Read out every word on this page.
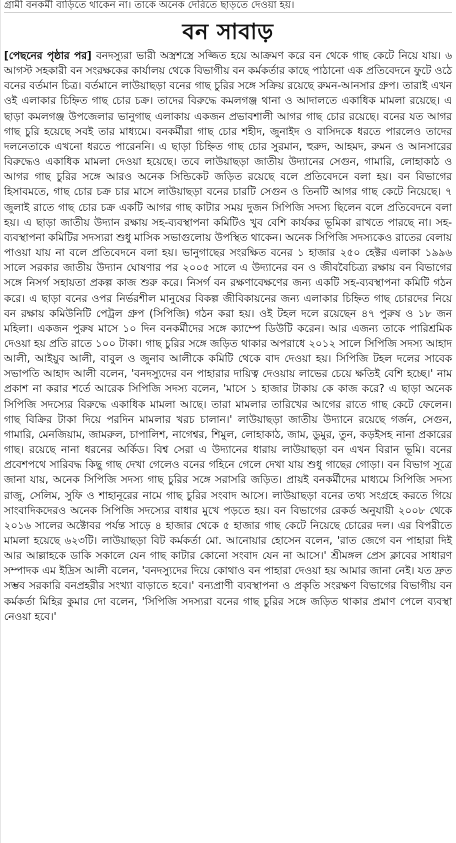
গ্রামী বনকর্মী বাড়িতে থাকেন না। তাকে অনেক দেরিতে ছাড়তে দেওয়া হয়।
বন সাবাড়

[পেছনের পৃষ্ঠার পর] বনদস্যুরা ভারী অস্ত্রশস্ত্রে সজ্জিত হয়ে আক্রমণ করে বন থেকে গাছ কেটে নিয়ে যায়। ৬ আগস্ট সহকারী বন সংরক্ষকের কার্যালয় থেকে বিভাগীয় বন কর্মকর্তার কাছে পাঠানো এক প্রতিবেদনে ফুটে ওঠে বনের বর্তমান চিত্র। বর্তমানে লাউয়াছড়া বনের গাছ চুরির সঙ্গে সক্রিয় রয়েছে রুমন-আনসার গ্রুপ। তারাই এখন ওই এলাকার চিহ্নিত গাছ চোর চক্র। তাদের বিরুদ্ধে কমলগঞ্জ থানা ও আদালতে একাধিক মামলা রয়েছে। এ ছাড়া কমলগঞ্জ উপজেলার ভানুগাছ এলাকায় একজন প্রভাবশালী আগর গাছ চোর রয়েছে। বনের যত আগর গাছ চুরি হয়েছে সবই তার মাধ্যমে। বনকর্মীরা গাছ চোর শহীদ, জুনাইদ ও বাসিদকে ধরতে পারলেও তাদের দলনেতাকে এখনো ধরতে পারেননি। এ ছাড়া চিহ্নিত গাছ চোর সুরমান, হুরুদ, আহমদ, রুমন ও আনসারের বিরুদ্ধেও একাধিক মামলা দেওয়া হয়েছে। তবে লাউয়াছড়া জাতীয় উদ্যানের সেগুন, গামারি, লোহাকাঠ ও আগর গাছ চুরির সঙ্গে আরও অনেক সিন্ডিকেট জড়িত রয়েছে বলে প্রতিবেদনে বলা হয়। বন বিভাগের হিসাবমতে, গাছ চোর চক্র চার মাসে লাউয়াছড়া বনের চারটি সেগুন ও তিনটি আগর গাছ কেটে নিয়েছে। ৭ জুলাই রাতে গাছ চোর চক্র একটি আগর গাছ কাটার সময় দুজন সিপিজি সদস্য ছিলেন বলে প্রতিবেদনে বলা হয়। এ ছাড়া জাতীয় উদ্যান রক্ষায় সহ-ব্যবস্থাপনা কমিটিও খুব বেশি কার্যকর ভূমিকা রাখতে পারছে না। সহ-ব্যবস্থাপনা কমিটির সদস্যরা শুধু মাসিক সভাগুলোয় উপস্থিত থাকেন। অনেক সিপিজি সদস্যকেও রাতের বেলায় পাওয়া যায় না বলে প্রতিবেদনে বলা হয়। ভানুগাছের সংরক্ষিত বনের ১ হাজার ২৫০ হেক্টর এলাকা ১৯৯৬ সালে সরকার জাতীয় উদ্যান ঘোষণার পর ২০০৫ সালে এ উদ্যানের বন ও জীববৈচিত্র্য রক্ষায় বন বিভাগের সঙ্গে নিসর্গ সহায়তা প্রকল্প কাজ শুরু করে। নিসর্গ বন রক্ষণাবেক্ষণের জন্য একটি সহ-ব্যবস্থাপনা কমিটি গঠন করে। এ ছাড়া বনের ওপর নির্ভরশীল মানুষের বিকল্প জীবিকায়নের জন্য এলাকার চিহ্নিত গাছ চোরদের নিয়ে বন রক্ষায় কমিউনিটি পেট্রল গ্রুপ (সিপিজি) গঠন করা হয়। ওই টহল দলে রয়েছেন ৪৭ পুরুষ ও ১৮ জন মহিলা। একজন পুরুষ মাসে ১০ দিন বনকর্মীদের সঙ্গে ক্যাম্পে ডিউটি করেন। আর এজন্য তাকে পারিশ্রমিক দেওয়া হয় প্রতি রাতে ১০০ টাকা। গাছ চুরির সঙ্গে জড়িত থাকার অপরাধে ২০১২ সালে সিপিজি সদস্য আহাদ আলী, আইয়ুব আলী, বাবুল ও জুনাব আলীকে কমিটি থেকে বাদ দেওয়া হয়। সিপিজি টহল দলের সাবেক সভাপতি আহাদ আলী বলেন, 'বনদস্যুদের বন পাহারার দায়িত্ব দেওয়ায় লাভের চেয়ে ক্ষতিই বেশি হচ্ছে।' নাম প্রকাশ না করার শর্তে আরেক সিপিজি সদস্য বলেন, 'মাসে ১ হাজার টাকায় কে কাজ করে? এ ছাড়া অনেক সিপিজি সদস্যের বিরুদ্ধে একাধিক মামলা আছে। তারা মামলার তারিখের আগের রাতে গাছ কেটে ফেলেন। গাছ বিক্রির টাকা দিয়ে পরদিন মামলার খরচ চালান।' লাউয়াছড়া জাতীয় উদ্যানে রয়েছে গর্জন, সেগুন, গামারি, মেনজিয়াম, জামরুল, চাপালিশ, নাগেশ্বর, শিমুল, লোহাকাঠ, জাম, ডুমুর, তুন, কড়ইসহ নানা প্রকারের গাছ। রয়েছে নানা ধরনের অর্কিড। বিশ্ব সেরা এ উদ্যানের ধারায় লাউয়াছড়া বন এখন বিরান ভূমি। বনের প্রবেশপথে সারিবদ্ধ কিছু গাছ দেখা গেলেও বনের গহিনে গেলে দেখা যায় শুধু গাছের গোড়া। বন বিভাগ সূত্রে জানা যায়, অনেক সিপিজি সদস্য গাছ চুরির সঙ্গে সরাসরি জড়িত। প্রায়ই বনকর্মীদের মাধ্যমে সিপিজি সদস্য রাজু, সেলিম, সুফি ও শাহানূরের নামে গাছ চুরির সংবাদ আসে। লাউয়াছড়া বনের তথ্য সংগ্রহে করতে গিয়ে সাংবাদিকদেরও অনেক সিপিজি সদস্যের বাধার মুখে পড়তে হয়। বন বিভাগের রেকর্ড অনুযায়ী ২০০৮ থেকে ২০১৬ সালের অক্টোবর পর্যন্ত সাড়ে ৪ হাজার থেকে ৫ হাজার গাছ কেটে নিয়েছে চোরের দল। এর বিপরীতে মামলা হয়েছে ৬২৩টি। লাউয়াছড়া বিট কর্মকর্তা মো. আনোয়ার হোসেন বলেন, 'রাত জেগে বন পাহারা দিই আর আল্লাহকে ডাকি সকালে যেন গাছ কাটার কোনো সংবাদ যেন না আসে।' শ্রীমঙ্গল প্রেস ক্লাবের সাধারণ সম্পাদক এম ইদ্রিস আলী বলেন, 'বনদস্যুদের দিয়ে কোথাও বন পাহারা দেওয়া হয় আমার জানা নেই। যত দ্রুত সম্ভব সরকারি বনপ্রহরীর সংখ্যা বাড়াতে হবে।' বন্যপ্রাণী ব্যবস্থাপনা ও প্রকৃতি সংরক্ষণ বিভাগের বিভাগীয় বন কর্মকর্তা মিহির কুমার দো বলেন, 'সিপিজি সদস্যরা বনের গাছ চুরির সঙ্গে জড়িত থাকার প্রমাণ পেলে ব্যবস্থা নেওয়া হবে।'
